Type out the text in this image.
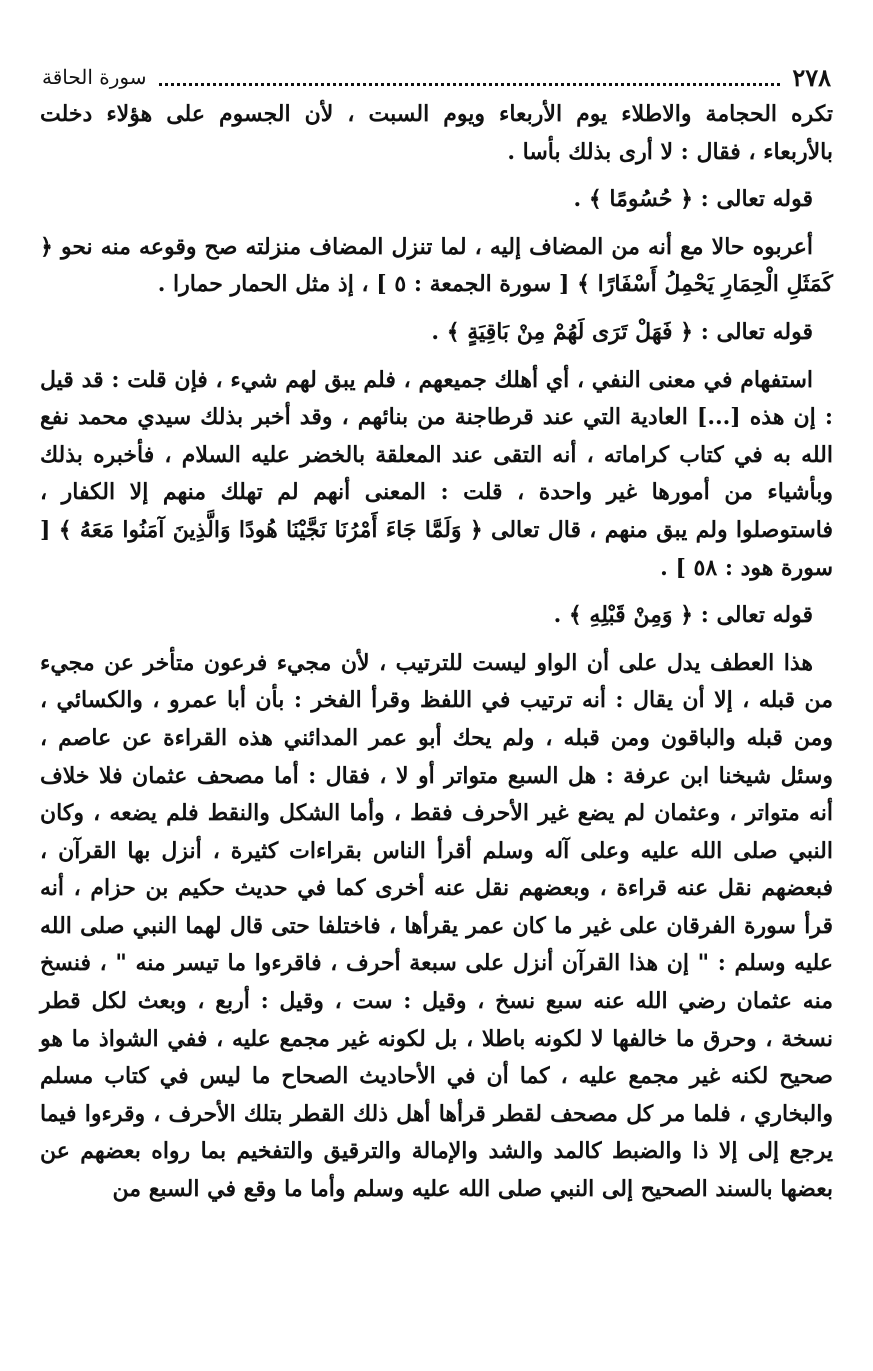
٢٧٨
سورة الحاقة

تكره الحجامة والاطلاء يوم الأربعاء ويوم السبت ، لأن الجسوم على هؤلاء دخلت بالأربعاء ، فقال : لا أرى بذلك بأسا .

قوله تعالى : ﴿ حُسُومًا ﴾ .

أعربوه حالا مع أنه من المضاف إليه ، لما تنزل المضاف منزلته صح وقوعه منه نحو ﴿ كَمَثَلِ الْحِمَارِ يَحْمِلُ أَسْفَارًا ﴾ [ سورة الجمعة : ٥ ] ، إذ مثل الحمار حمارا .

قوله تعالى : ﴿ فَهَلْ تَرَى لَهُمْ مِنْ بَاقِيَةٍ ﴾ .

استفهام في معنى النفي ، أي أهلك جميعهم ، فلم يبق لهم شيء ، فإن قلت : قد قيل : إن هذه [...] العادية التي عند قرطاجنة من بنائهم ، وقد أخبر بذلك سيدي محمد نفع الله به في كتاب كراماته ، أنه التقى عند المعلقة بالخضر عليه السلام ، فأخبره بذلك وبأشياء من أمورها غير واحدة ، قلت : المعنى أنهم لم تهلك منهم إلا الكفار ، فاستوصلوا ولم يبق منهم ، قال تعالى ﴿ وَلَمَّا جَاءَ أَمْرُنَا نَجَّيْنَا هُودًا وَالَّذِينَ آمَنُوا مَعَهُ ﴾ [ سورة هود : ٥٨ ] .

قوله تعالى : ﴿ وَمِنْ قَبْلِهِ ﴾ .

هذا العطف يدل على أن الواو ليست للترتيب ، لأن مجيء فرعون متأخر عن مجيء من قبله ، إلا أن يقال : أنه ترتيب في اللفظ وقرأ الفخر : بأن أبا عمرو ، والكسائي ، ومن قبله والباقون ومن قبله ، ولم يحك أبو عمر المدائني هذه القراءة عن عاصم ، وسئل شيخنا ابن عرفة : هل السبع متواتر أو لا ، فقال : أما مصحف عثمان فلا خلاف أنه متواتر ، وعثمان لم يضع غير الأحرف فقط ، وأما الشكل والنقط فلم يضعه ، وكان النبي صلى الله عليه وعلى آله وسلم أقرأ الناس بقراءات كثيرة ، أنزل بها القرآن ، فبعضهم نقل عنه قراءة ، وبعضهم نقل عنه أخرى كما في حديث حكيم بن حزام ، أنه قرأ سورة الفرقان على غير ما كان عمر يقرأها ، فاختلفا حتى قال لهما النبي صلى الله عليه وسلم : " إن هذا القرآن أنزل على سبعة أحرف ، فاقرءوا ما تيسر منه " ، فنسخ منه عثمان رضي الله عنه سبع نسخ ، وقيل : ست ، وقيل : أربع ، وبعث لكل قطر نسخة ، وحرق ما خالفها لا لكونه باطلا ، بل لكونه غير مجمع عليه ، ففي الشواذ ما هو صحيح لكنه غير مجمع عليه ، كما أن في الأحاديث الصحاح ما ليس في كتاب مسلم والبخاري ، فلما مر كل مصحف لقطر قرأها أهل ذلك القطر بتلك الأحرف ، وقرءوا فيما يرجع إلى إلا ذا والضبط كالمد والشد والإمالة والترقيق والتفخيم بما رواه بعضهم عن بعضها بالسند الصحيح إلى النبي صلى الله عليه وسلم وأما ما وقع في السبع من
